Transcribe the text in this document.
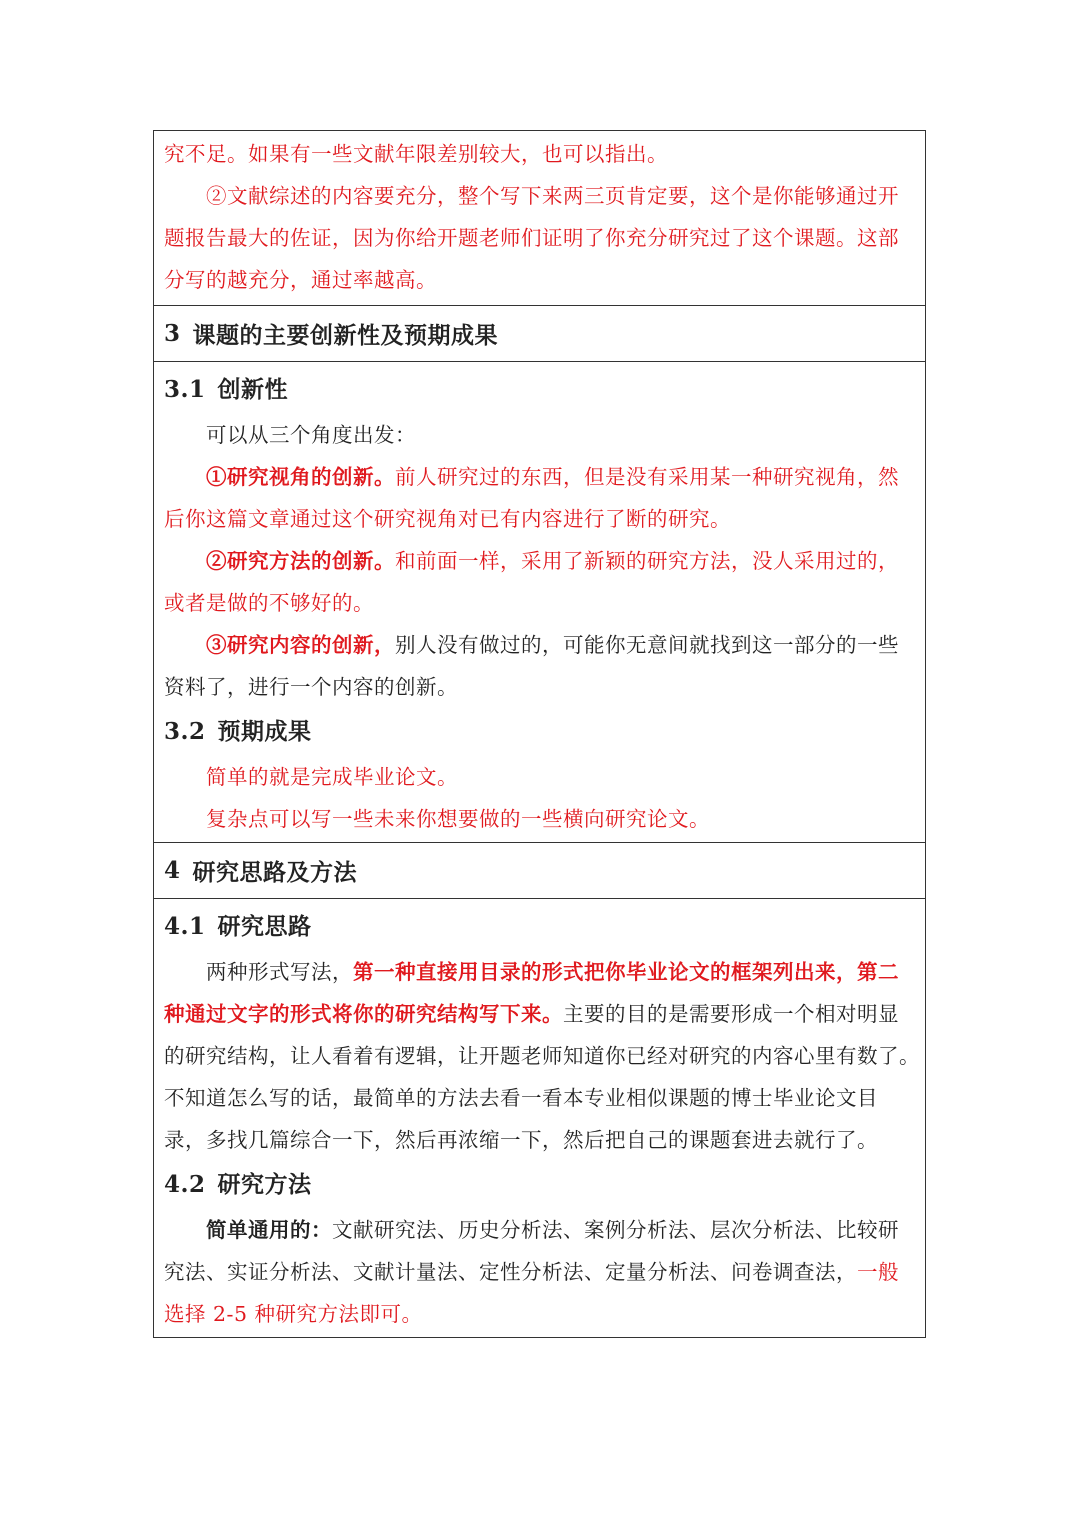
究不足。如果有一些文献年限差别较大，也可以指出。
②文献综述的内容要充分，整个写下来两三页肯定要，这个是你能够通过开
题报告最大的佐证，因为你给开题老师们证明了你充分研究过了这个课题。这部
分写的越充分，通过率越高。
3 课题的主要创新性及预期成果
3.1 创新性
可以从三个角度出发：
①研究视角的创新。前人研究过的东西，但是没有采用某一种研究视角，然
后你这篇文章通过这个研究视角对已有内容进行了断的研究。
②研究方法的创新。和前面一样，采用了新颖的研究方法，没人采用过的，
或者是做的不够好的。
③研究内容的创新，别人没有做过的，可能你无意间就找到这一部分的一些
资料了，进行一个内容的创新。
3.2 预期成果
简单的就是完成毕业论文。
复杂点可以写一些未来你想要做的一些横向研究论文。
4 研究思路及方法
4.1 研究思路
两种形式写法，第一种直接用目录的形式把你毕业论文的框架列出来，第二
种通过文字的形式将你的研究结构写下来。主要的目的是需要形成一个相对明显
的研究结构，让人看着有逻辑，让开题老师知道你已经对研究的内容心里有数了。
不知道怎么写的话，最简单的方法去看一看本专业相似课题的博士毕业论文目
录，多找几篇综合一下，然后再浓缩一下，然后把自己的课题套进去就行了。
4.2 研究方法
简单通用的：文献研究法、历史分析法、案例分析法、层次分析法、比较研
究法、实证分析法、文献计量法、定性分析法、定量分析法、问卷调查法，一般
选择 2-5 种研究方法即可。
